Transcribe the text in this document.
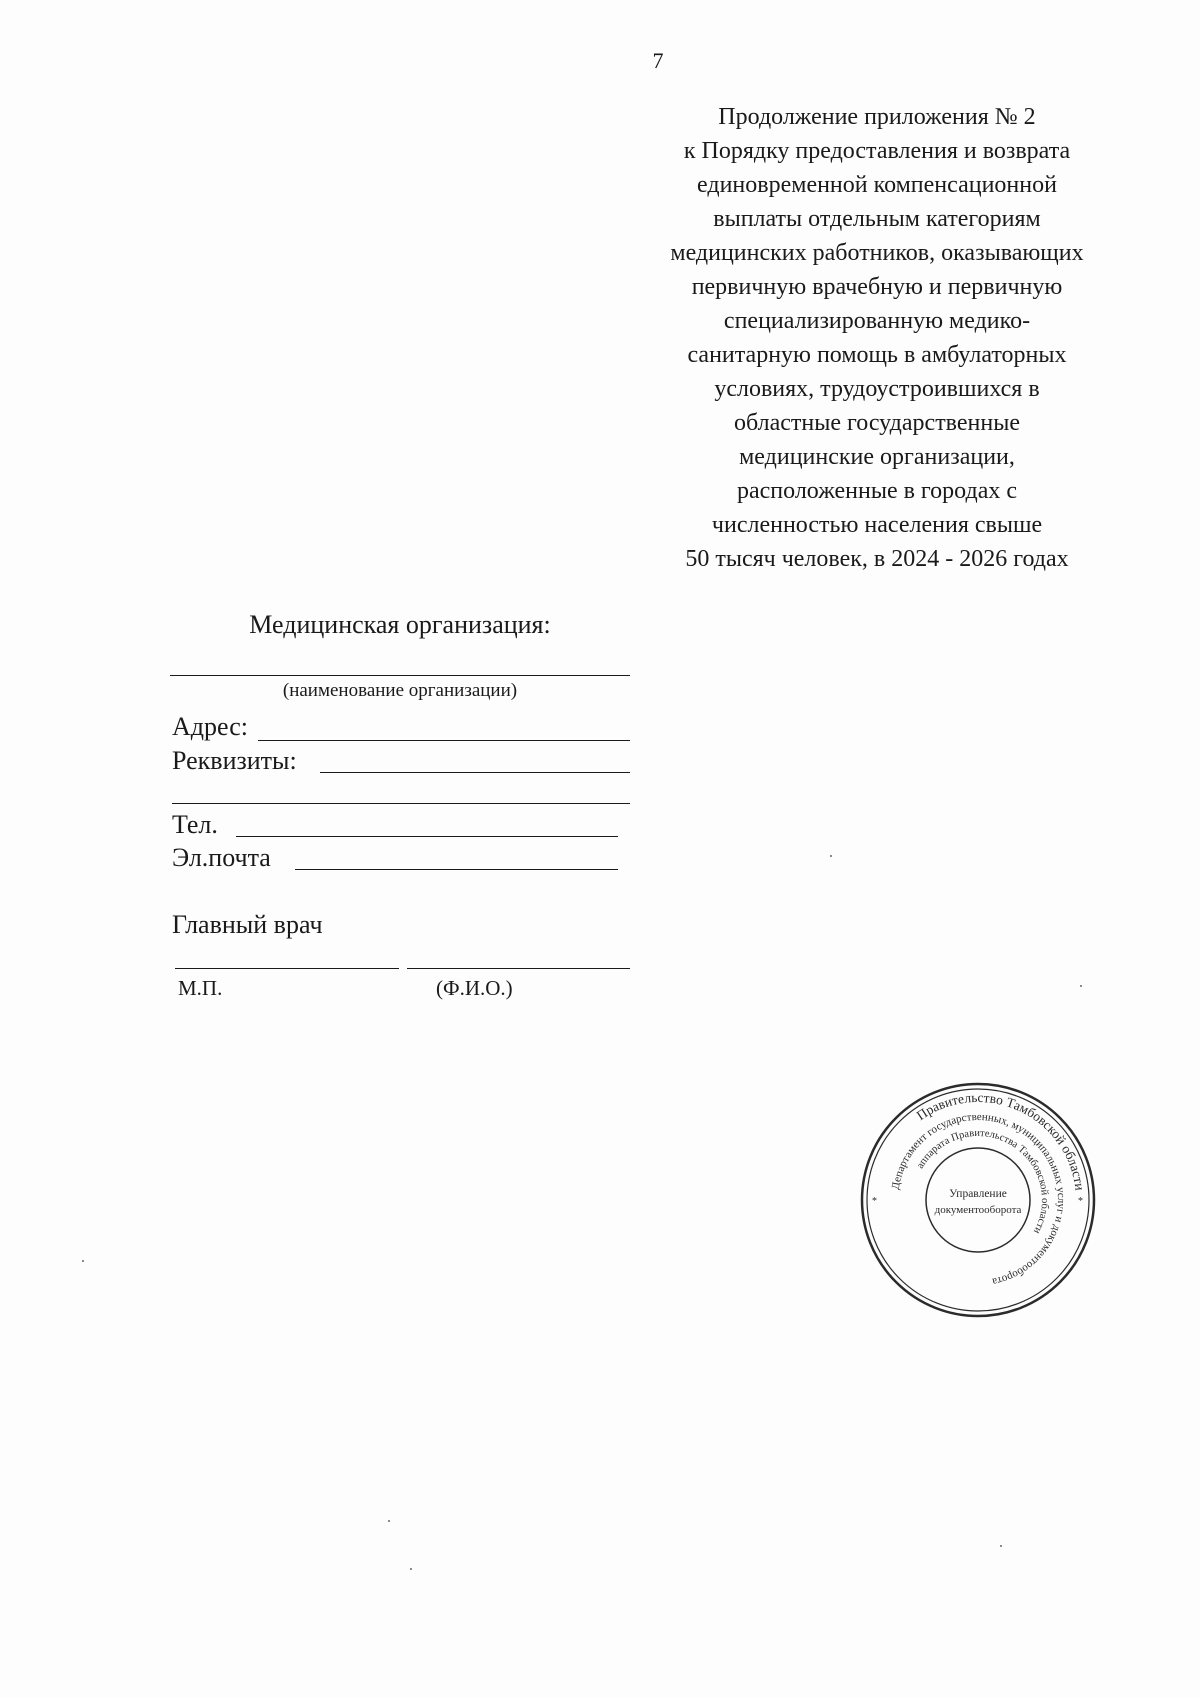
7
Продолжение приложения № 2
к Порядку предоставления и возврата
единовременной компенсационной
выплаты отдельным категориям
медицинских работников, оказывающих
первичную врачебную и первичную
специализированную медико-
санитарную помощь в амбулаторных
условиях, трудоустроившихся в
областные государственные
медицинские организации,
расположенные в городах с
численностью населения свыше
50 тысяч человек, в 2024 - 2026 годах
Медицинская организация:
(наименование организации)
Адрес:
Реквизиты:
Тел.
Эл.почта
Главный врач
М.П.	(Ф.И.О.)
Правительство Тамбовской области
Департамент государственных, муниципальных услуг и документооборота
аппарата Правительства Тамбовской области
Управление
документооборота
*	*
